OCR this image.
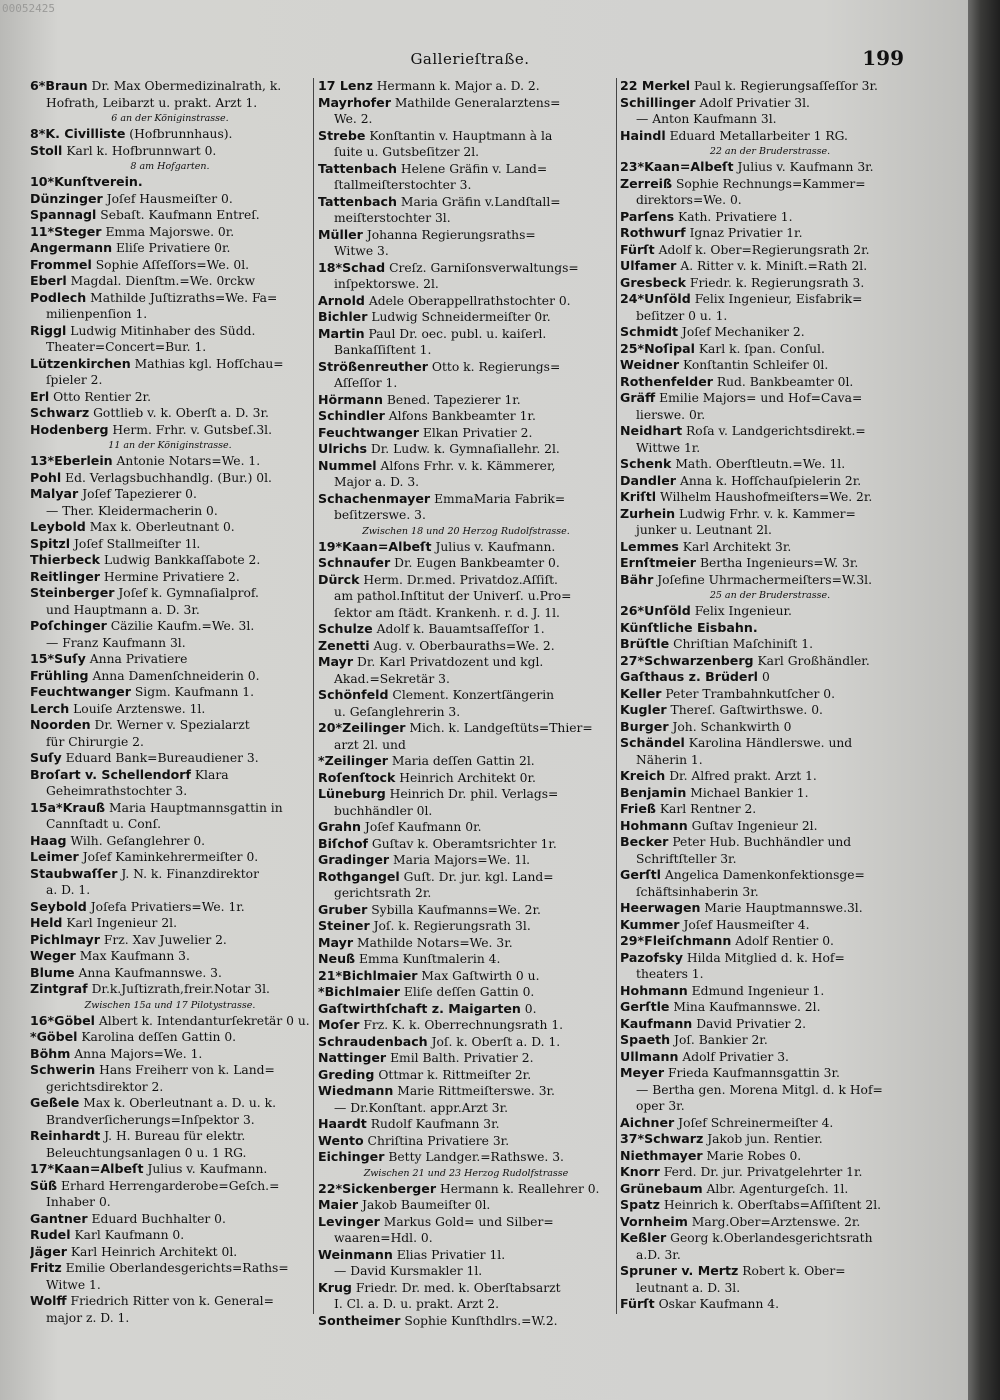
00052425
Gallerieſtraße.	199
6*Braun Dr. Max Obermedizinalrath, k.
Hofrath, Leibarzt u. prakt. Arzt 1.
6 an der Königinstrasse.
8*K. Civilliste (Hofbrunnhaus).
Stoll Karl k. Hofbrunnwart 0.
8 am Hofgarten.
10*Kunſtverein.
Dünzinger Joſef Hausmeiſter 0.
Spannagl Sebaſt. Kaufmann Entreſ.
11*Steger Emma Majorswe. 0r.
Angermann Eliſe Privatiere 0r.
Frommel Sophie Aſſeſſors=We. 0l.
Eberl Magdal. Dienſtm.=We. 0rckw
Podlech Mathilde Juſtizraths=We. Fa=
milienpenſion 1.
Riggl Ludwig Mitinhaber des Südd.
Theater=Concert=Bur. 1.
Lützenkirchen Mathias kgl. Hofſchau=
ſpieler 2.
Erl Otto Rentier 2r.
Schwarz Gottlieb v. k. Oberſt a. D. 3r.
Hodenberg Herm. Frhr. v. Gutsbeſ.3l.
11 an der Königinstrasse.
13*Eberlein Antonie Notars=We. 1.
Pohl Ed. Verlagsbuchhandlg. (Bur.) 0l.
Malyar Joſef Tapezierer 0.
— Ther. Kleidermacherin 0.
Leybold Max k. Oberleutnant 0.
Spitzl Joſef Stallmeiſter 1l.
Thierbeck Ludwig Bankkaſſabote 2.
Reitlinger Hermine Privatiere 2.
Steinberger Joſef k. Gymnaſialprof.
und Hauptmann a. D. 3r.
Poſchinger Cäzilie Kaufm.=We. 3l.
— Franz Kaufmann 3l.
15*Suſy Anna Privatiere
Frühling Anna Damenſchneiderin 0.
Feuchtwanger Sigm. Kaufmann 1.
Lerch Louiſe Arztenswe. 1l.
Noorden Dr. Werner v. Spezialarzt
für Chirurgie 2.
Suſy Eduard Bank=Bureaudiener 3.
Broſart v. Schellendorf Klara
Geheimrathstochter 3.
15a*Krauß Maria Hauptmannsgattin in
Cannſtadt u. Conſ.
Haag Wilh. Geſanglehrer 0.
Leimer Joſef Kaminkehrermeiſter 0.
Staubwaſſer J. N. k. Finanzdirektor
a. D. 1.
Seybold Joſefa Privatiers=We. 1r.
Held Karl Ingenieur 2l.
Pichlmayr Frz. Xav Juwelier 2.
Weger Max Kaufmann 3.
Blume Anna Kaufmannswe. 3.
Zintgraf Dr.k.Juſtizrath,freir.Notar 3l.
Zwischen 15a und 17 Pilotystrasse.
16*Göbel Albert k. Intendanturſekretär 0 u.
*Göbel Karolina deſſen Gattin 0.
Böhm Anna Majors=We. 1.
Schwerin Hans Freiherr von k. Land=
gerichtsdirektor 2.
Geßele Max k. Oberleutnant a. D. u. k.
Brandverſicherungs=Inſpektor 3.
Reinhardt J. H. Bureau für elektr.
Beleuchtungsanlagen 0 u. 1 RG.
17*Kaan=Albeſt Julius v. Kaufmann.
Süß Erhard Herrengarderobe=Geſch.=
Inhaber 0.
Gantner Eduard Buchhalter 0.
Rudel Karl Kaufmann 0.
Jäger Karl Heinrich Architekt 0l.
Fritz Emilie Oberlandesgerichts=Raths=
Witwe 1.
Wolff Friedrich Ritter von k. General=
major z. D. 1.
17 Lenz Hermann k. Major a. D. 2.
Mayrhofer Mathilde Generalarztens=
We. 2.
Strebe Konſtantin v. Hauptmann à la
ſuite u. Gutsbeſitzer 2l.
Tattenbach Helene Gräfin v. Land=
ſtallmeiſterstochter 3.
Tattenbach Maria Gräfin v.Landſtall=
meiſterstochter 3l.
Müller Johanna Regierungsraths=
Witwe 3.
18*Schad Creſz. Garniſonsverwaltungs=
inſpektorswe. 2l.
Arnold Adele Oberappellrathstochter 0.
Bichler Ludwig Schneidermeiſter 0r.
Martin Paul Dr. oec. publ. u. kaiſerl.
Bankaſſiſtent 1.
Strößenreuther Otto k. Regierungs=
Aſſeſſor 1.
Hörmann Bened. Tapezierer 1r.
Schindler Alfons Bankbeamter 1r.
Feuchtwanger Elkan Privatier 2.
Ulrichs Dr. Ludw. k. Gymnaſiallehr. 2l.
Nummel Alfons Frhr. v. k. Kämmerer,
Major a. D. 3.
Schachenmayer EmmaMaria Fabrik=
beſitzerswe. 3.
Zwischen 18 und 20 Herzog Rudolfstrasse.
19*Kaan=Albeſt Julius v. Kaufmann.
Schnaufer Dr. Eugen Bankbeamter 0.
Dürck Herm. Dr.med. Privatdoz.Aſſiſt.
am pathol.Inſtitut der Univerſ. u.Pro=
ſektor am ſtädt. Krankenh. r. d. J. 1l.
Schulze Adolf k. Bauamtsaſſeſſor 1.
Zenetti Aug. v. Oberbauraths=We. 2.
Mayr Dr. Karl Privatdozent und kgl.
Akad.=Sekretär 3.
Schönfeld Clement. Konzertſängerin
u. Geſanglehrerin 3.
20*Zeilinger Mich. k. Landgeſtüts=Thier=
arzt 2l. und
*Zeilinger Maria deſſen Gattin 2l.
Roſenſtock Heinrich Architekt 0r.
Lüneburg Heinrich Dr. phil. Verlags=
buchhändler 0l.
Grahn Joſef Kaufmann 0r.
Biſchof Guſtav k. Oberamtsrichter 1r.
Gradinger Maria Majors=We. 1l.
Rothgangel Guſt. Dr. jur. kgl. Land=
gerichtsrath 2r.
Gruber Sybilla Kaufmanns=We. 2r.
Steiner Joſ. k. Regierungsrath 3l.
Mayr Mathilde Notars=We. 3r.
Neuß Emma Kunſtmalerin 4.
21*Bichlmaier Max Gaſtwirth 0 u.
*Bichlmaier Eliſe deſſen Gattin 0.
Gaſtwirthſchaft z. Maigarten 0.
Moſer Frz. K. k. Oberrechnungsrath 1.
Schraudenbach Joſ. k. Oberſt a. D. 1.
Nattinger Emil Balth. Privatier 2.
Greding Ottmar k. Rittmeiſter 2r.
Wiedmann Marie Rittmeiſterswe. 3r.
— Dr.Konſtant. appr.Arzt 3r.
Haardt Rudolf Kaufmann 3r.
Wento Chriſtina Privatiere 3r.
Eichinger Betty Landger.=Rathswe. 3.
Zwischen 21 und 23 Herzog Rudolfstrasse
22*Sickenberger Hermann k. Reallehrer 0.
Maier Jakob Baumeiſter 0l.
Levinger Markus Gold= und Silber=
waaren=Hdl. 0.
Weinmann Elias Privatier 1l.
— David Kursmakler 1l.
Krug Friedr. Dr. med. k. Oberſtabsarzt
I. Cl. a. D. u. prakt. Arzt 2.
Sontheimer Sophie Kunſthdlrs.=W.2.
22 Merkel Paul k. Regierungsaſſeſſor 3r.
Schillinger Adolf Privatier 3l.
— Anton Kaufmann 3l.
Haindl Eduard Metallarbeiter 1 RG.
22 an der Bruderstrasse.
23*Kaan=Albeſt Julius v. Kaufmann 3r.
Zerreiß Sophie Rechnungs=Kammer=
direktors=We. 0.
Parſens Kath. Privatiere 1.
Rothwurf Ignaz Privatier 1r.
Fürſt Adolf k. Ober=Regierungsrath 2r.
Ulfamer A. Ritter v. k. Miniſt.=Rath 2l.
Gresbeck Friedr. k. Regierungsrath 3.
24*Unſöld Felix Ingenieur, Eisfabrik=
beſitzer 0 u. 1.
Schmidt Joſef Mechaniker 2.
25*Noſipal Karl k. ſpan. Conſul.
Weidner Konſtantin Schleifer 0l.
Rothenfelder Rud. Bankbeamter 0l.
Gräff Emilie Majors= und Hof=Cava=
lierswe. 0r.
Neidhart Roſa v. Landgerichtsdirekt.=
Wittwe 1r.
Schenk Math. Oberſtleutn.=We. 1l.
Dandler Anna k. Hofſchauſpielerin 2r.
Kriſtl Wilhelm Haushofmeiſters=We. 2r.
Zurhein Ludwig Frhr. v. k. Kammer=
junker u. Leutnant 2l.
Lemmes Karl Architekt 3r.
Ernſtmeier Bertha Ingenieurs=W. 3r.
Bähr Joſefine Uhrmachermeiſters=W.3l.
25 an der Bruderstrasse.
26*Unſöld Felix Ingenieur.
Künſtliche Eisbahn.
Brüſtle Chriſtian Maſchiniſt 1.
27*Schwarzenberg Karl Großhändler.
Gaſthaus z. Brüderl 0
Keller Peter Trambahnkutſcher 0.
Kugler Thereſ. Gaſtwirthswe. 0.
Burger Joh. Schankwirth 0
Schändel Karolina Händlerswe. und
Näherin 1.
Kreich Dr. Alfred prakt. Arzt 1.
Benjamin Michael Bankier 1.
Frieß Karl Rentner 2.
Hohmann Guſtav Ingenieur 2l.
Becker Peter Hub. Buchhändler und
Schriftſteller 3r.
Gerſtl Angelica Damenkonfektionsge=
ſchäftsinhaberin 3r.
Heerwagen Marie Hauptmannswe.3l.
Kummer Joſef Hausmeiſter 4.
29*Fleiſchmann Adolf Rentier 0.
Pazofsky Hilda Mitglied d. k. Hof=
theaters 1.
Hohmann Edmund Ingenieur 1.
Gerſtle Mina Kaufmannswe. 2l.
Kaufmann David Privatier 2.
Spaeth Joſ. Bankier 2r.
Ullmann Adolf Privatier 3.
Meyer Frieda Kaufmannsgattin 3r.
— Bertha gen. Morena Mitgl. d. k Hof=
oper 3r.
Aichner Joſef Schreinermeiſter 4.
37*Schwarz Jakob jun. Rentier.
Niethmayer Marie Robes 0.
Knorr Ferd. Dr. jur. Privatgelehrter 1r.
Grünebaum Albr. Agenturgeſch. 1l.
Spatz Heinrich k. Oberſtabs=Aſſiſtent 2l.
Vornheim Marg.Ober=Arztenswe. 2r.
Keßler Georg k.Oberlandesgerichtsrath
a.D. 3r.
Spruner v. Mertz Robert k. Ober=
leutnant a. D. 3l.
Fürſt Oskar Kaufmann 4.
